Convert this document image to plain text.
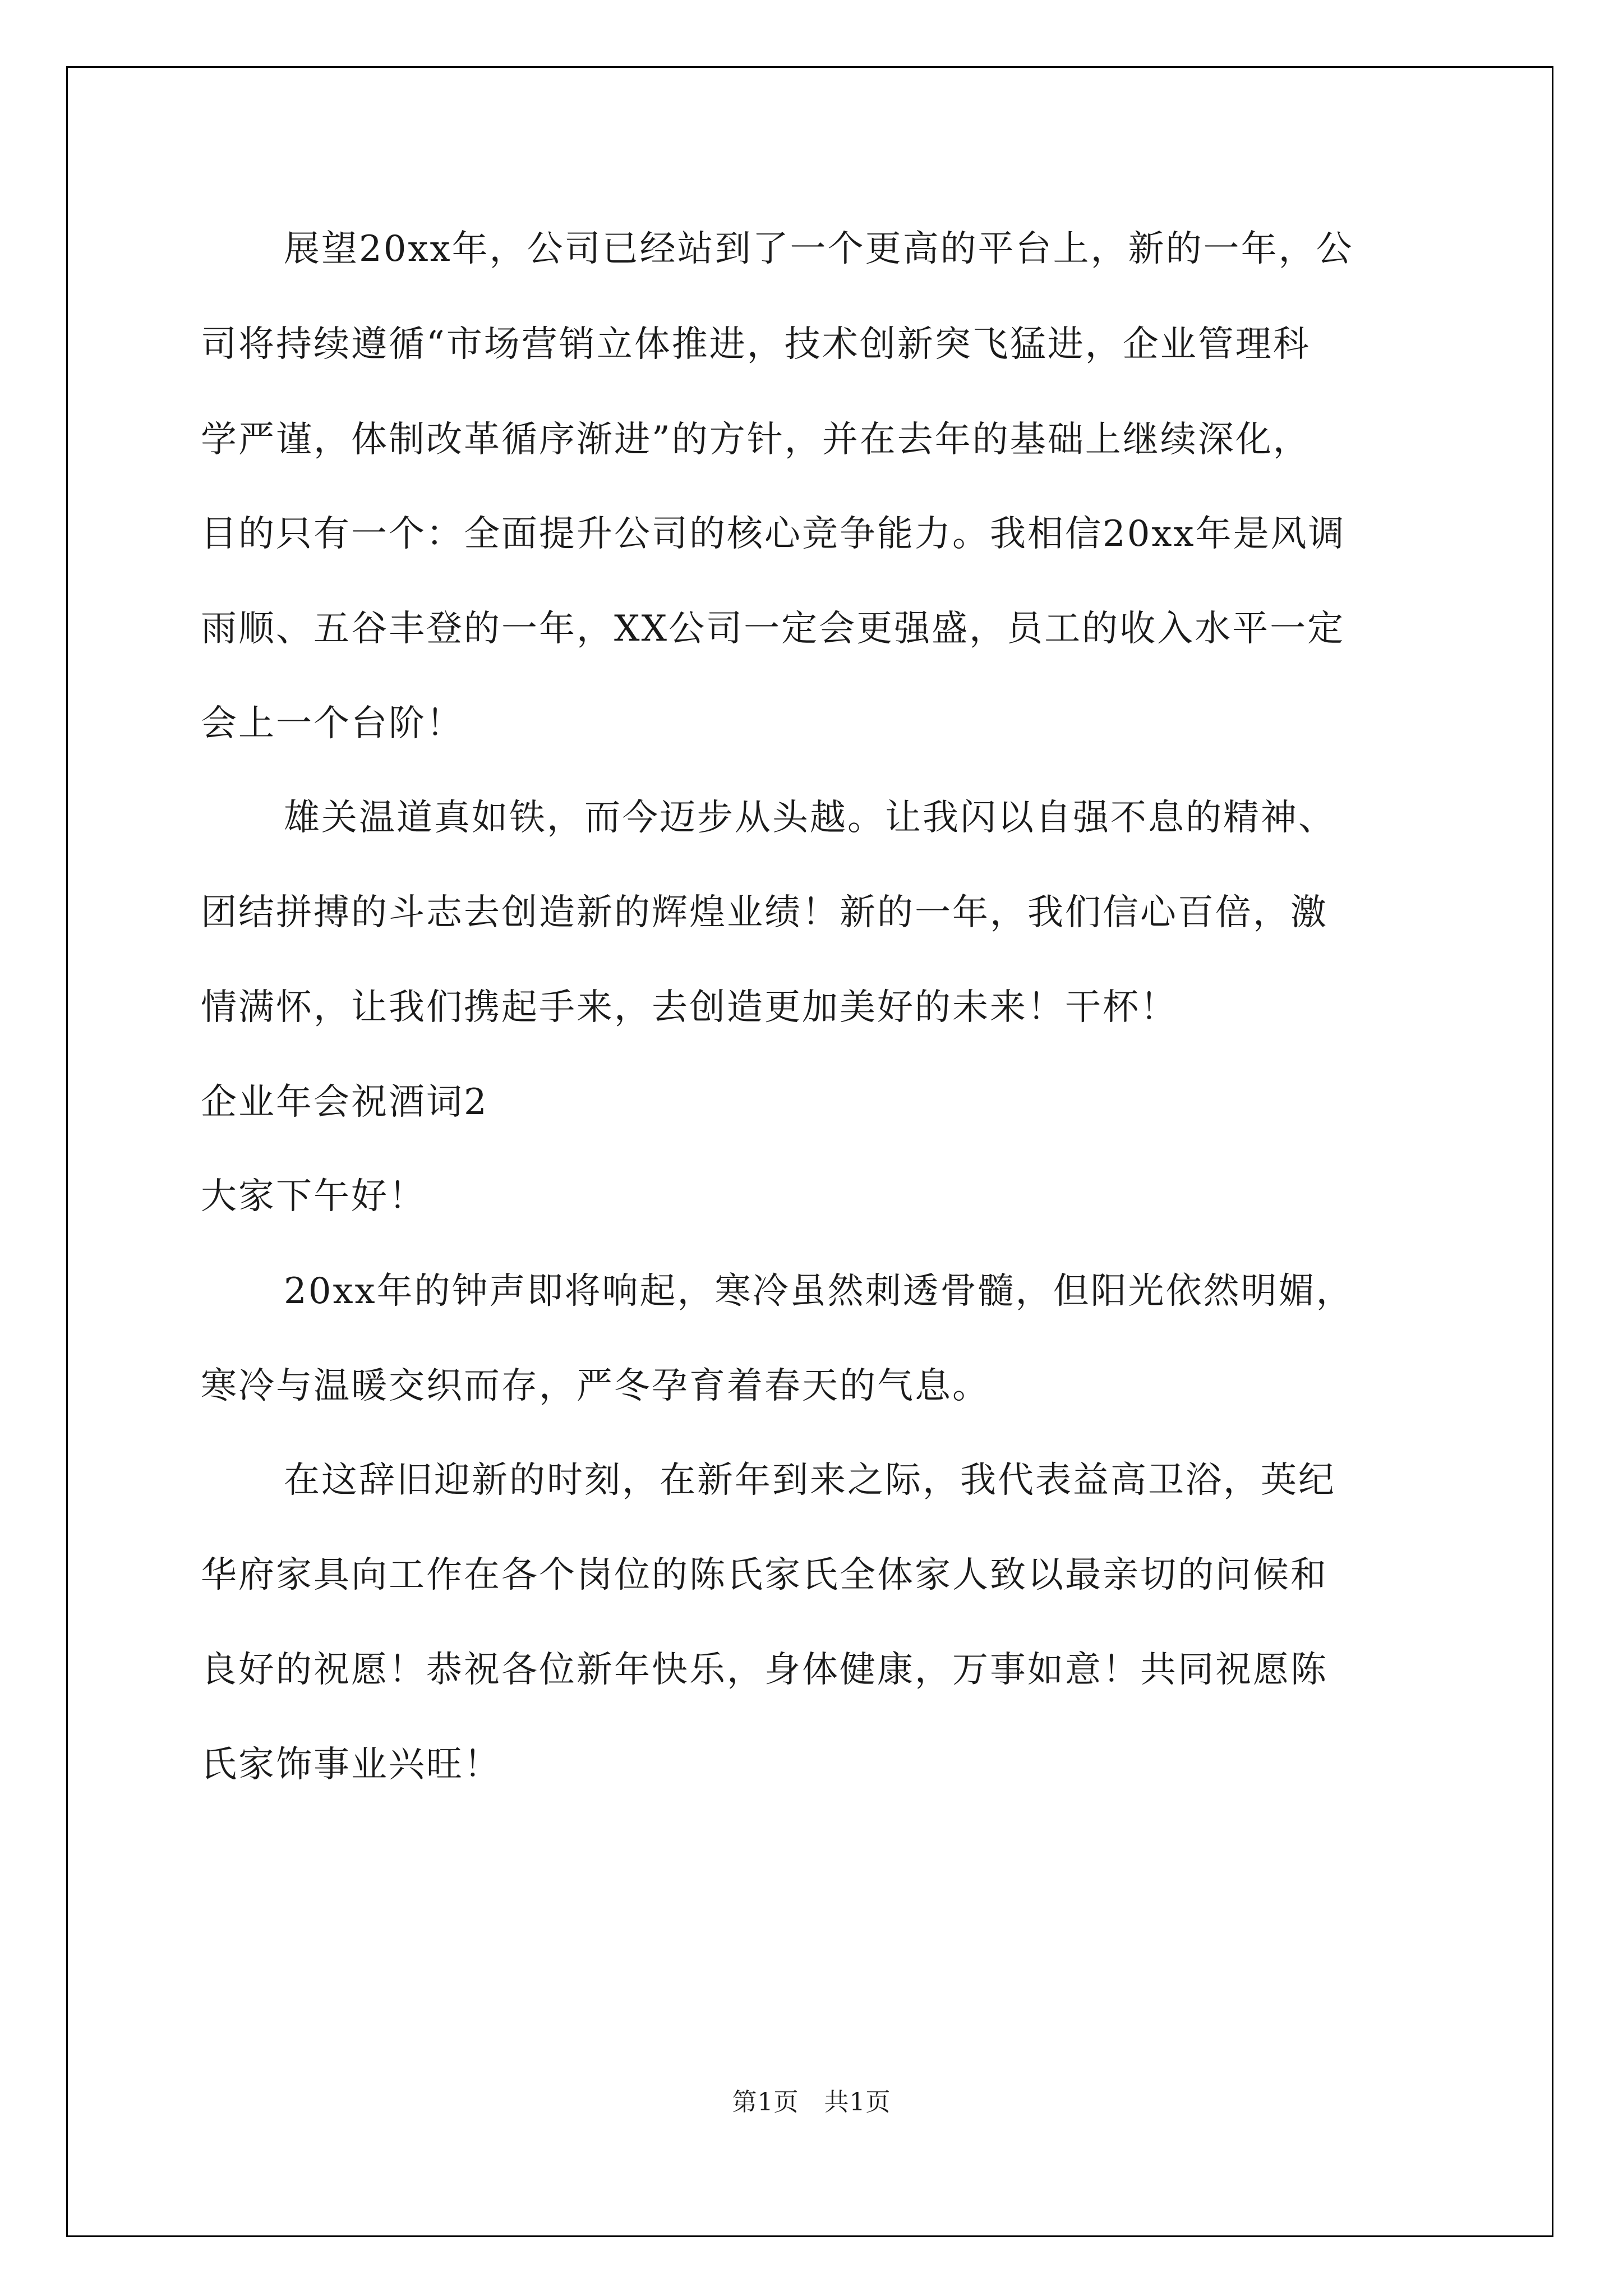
展望20xx年，公司已经站到了一个更高的平台上，新的一年，公
司将持续遵循“市场营销立体推进，技术创新突飞猛进，企业管理科
学严谨，体制改革循序渐进”的方针，并在去年的基础上继续深化，
目的只有一个：全面提升公司的核心竞争能力。我相信20xx年是风调
雨顺、五谷丰登的一年，XX公司一定会更强盛，员工的收入水平一定
会上一个台阶！
雄关温道真如铁，而今迈步从头越。让我闪以自强不息的精神、
团结拼搏的斗志去创造新的辉煌业绩！新的一年，我们信心百倍，激
情满怀，让我们携起手来，去创造更加美好的未来！干杯！
企业年会祝酒词2
大家下午好！
20xx年的钟声即将响起，寒冷虽然刺透骨髓，但阳光依然明媚，
寒冷与温暖交织而存，严冬孕育着春天的气息。
在这辞旧迎新的时刻，在新年到来之际，我代表益高卫浴，英纪
华府家具向工作在各个岗位的陈氏家氏全体家人致以最亲切的问候和
良好的祝愿！恭祝各位新年快乐，身体健康，万事如意！共同祝愿陈
氏家饰事业兴旺！
第1页   共1页
